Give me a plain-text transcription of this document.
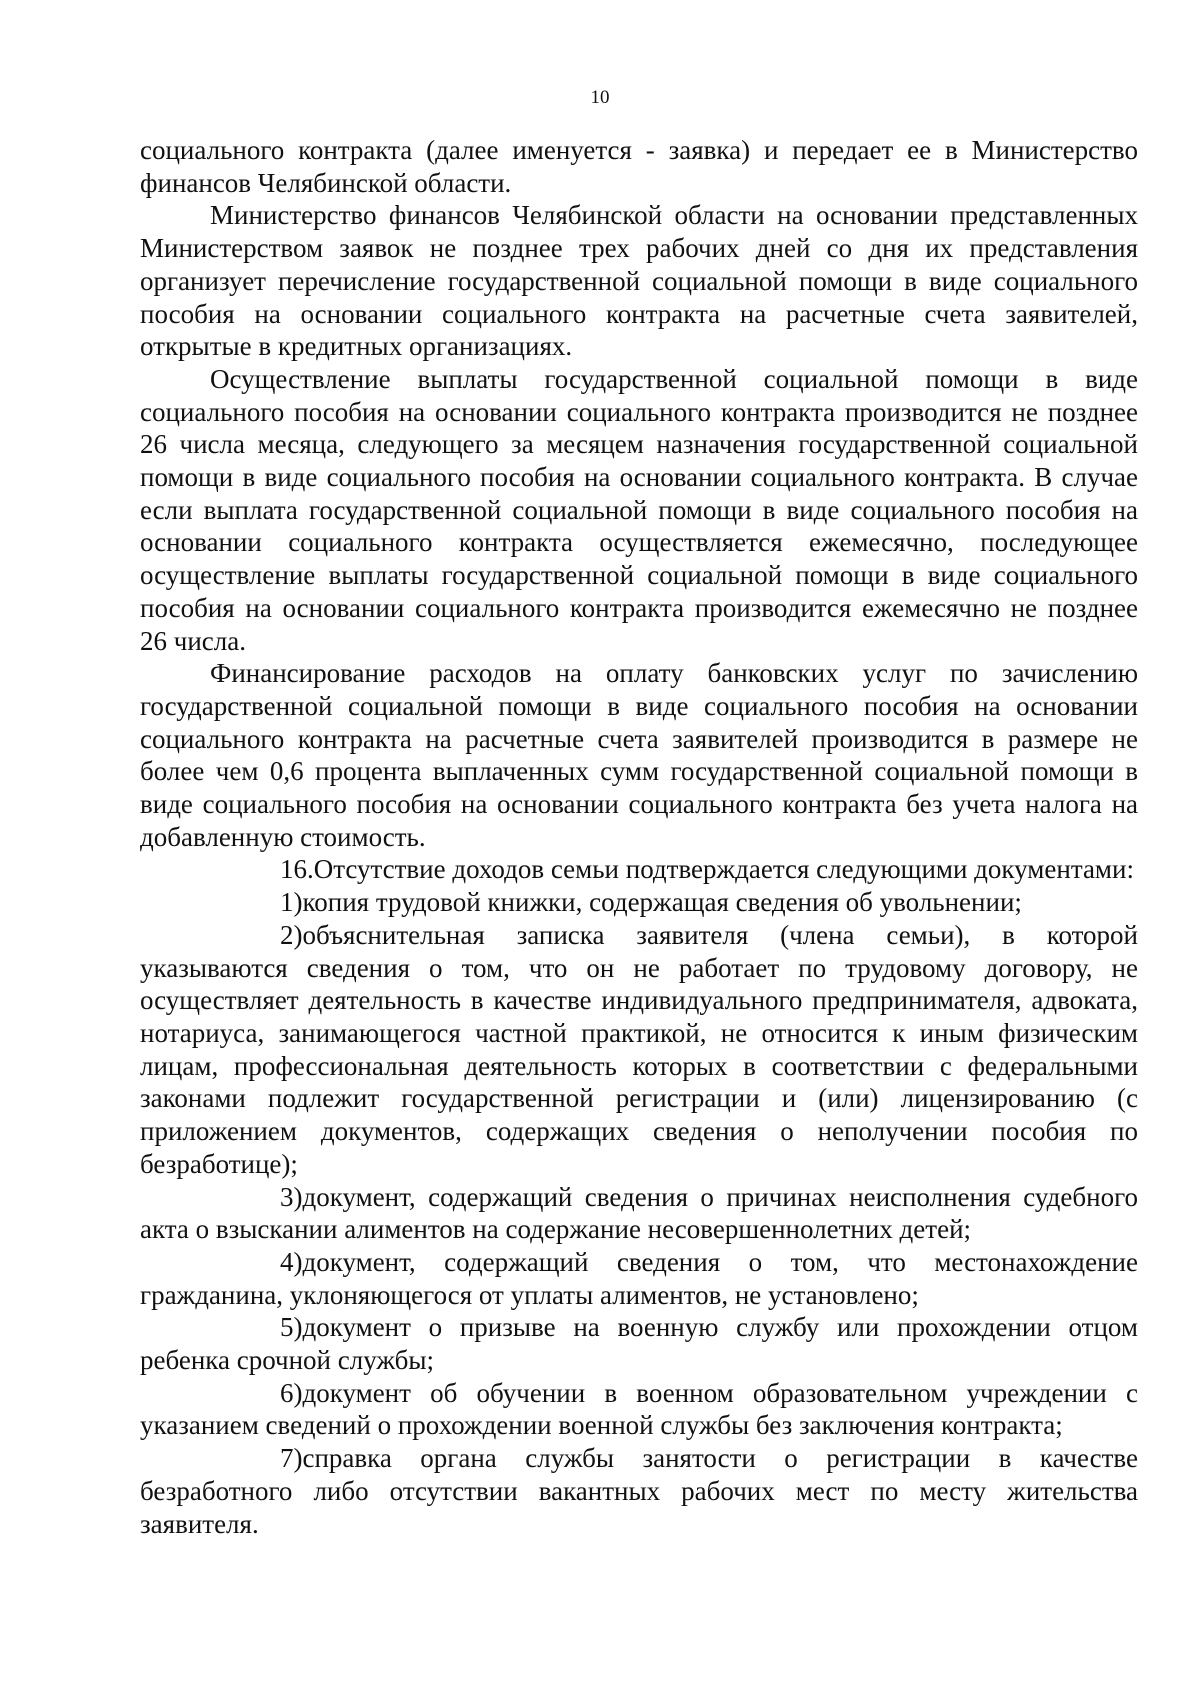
10

социального контракта (далее именуется - заявка) и передает ее в Министерство финансов Челябинской области.

Министерство финансов Челябинской области на основании представленных Министерством заявок не позднее трех рабочих дней со дня их представления организует перечисление государственной социальной помощи в виде социального пособия на основании социального контракта на расчетные счета заявителей, открытые в кредитных организациях.

Осуществление выплаты государственной социальной помощи в виде социального пособия на основании социального контракта производится не позднее 26 числа месяца, следующего за месяцем назначения государственной социальной помощи в виде социального пособия на основании социального контракта. В случае если выплата государственной социальной помощи в виде социального пособия на основании социального контракта осуществляется ежемесячно, последующее осуществление выплаты государственной социальной помощи в виде социального пособия на основании социального контракта производится ежемесячно не позднее 26 числа.

Финансирование расходов на оплату банковских услуг по зачислению государственной социальной помощи в виде социального пособия на основании социального контракта на расчетные счета заявителей производится в размере не более чем 0,6 процента выплаченных сумм государственной социальной помощи в виде социального пособия на основании социального контракта без учета налога на добавленную стоимость.

16.Отсутствие доходов семьи подтверждается следующими документами:

1)копия трудовой книжки, содержащая сведения об увольнении;

2)объяснительная записка заявителя (члена семьи), в которой указываются сведения о том, что он не работает по трудовому договору, не осуществляет деятельность в качестве индивидуального предпринимателя, адвоката, нотариуса, занимающегося частной практикой, не относится к иным физическим лицам, профессиональная деятельность которых в соответствии с федеральными законами подлежит государственной регистрации и (или) лицензированию (с приложением документов, содержащих сведения о неполучении пособия по безработице);

3)документ, содержащий сведения о причинах неисполнения судебного акта о взыскании алиментов на содержание несовершеннолетних детей;

4)документ, содержащий сведения о том, что местонахождение гражданина, уклоняющегося от уплаты алиментов, не установлено;

5)документ о призыве на военную службу или прохождении отцом ребенка срочной службы;

6)документ об обучении в военном образовательном учреждении с указанием сведений о прохождении военной службы без заключения контракта;

7)справка органа службы занятости о регистрации в качестве безработного либо отсутствии вакантных рабочих мест по месту жительства заявителя.
